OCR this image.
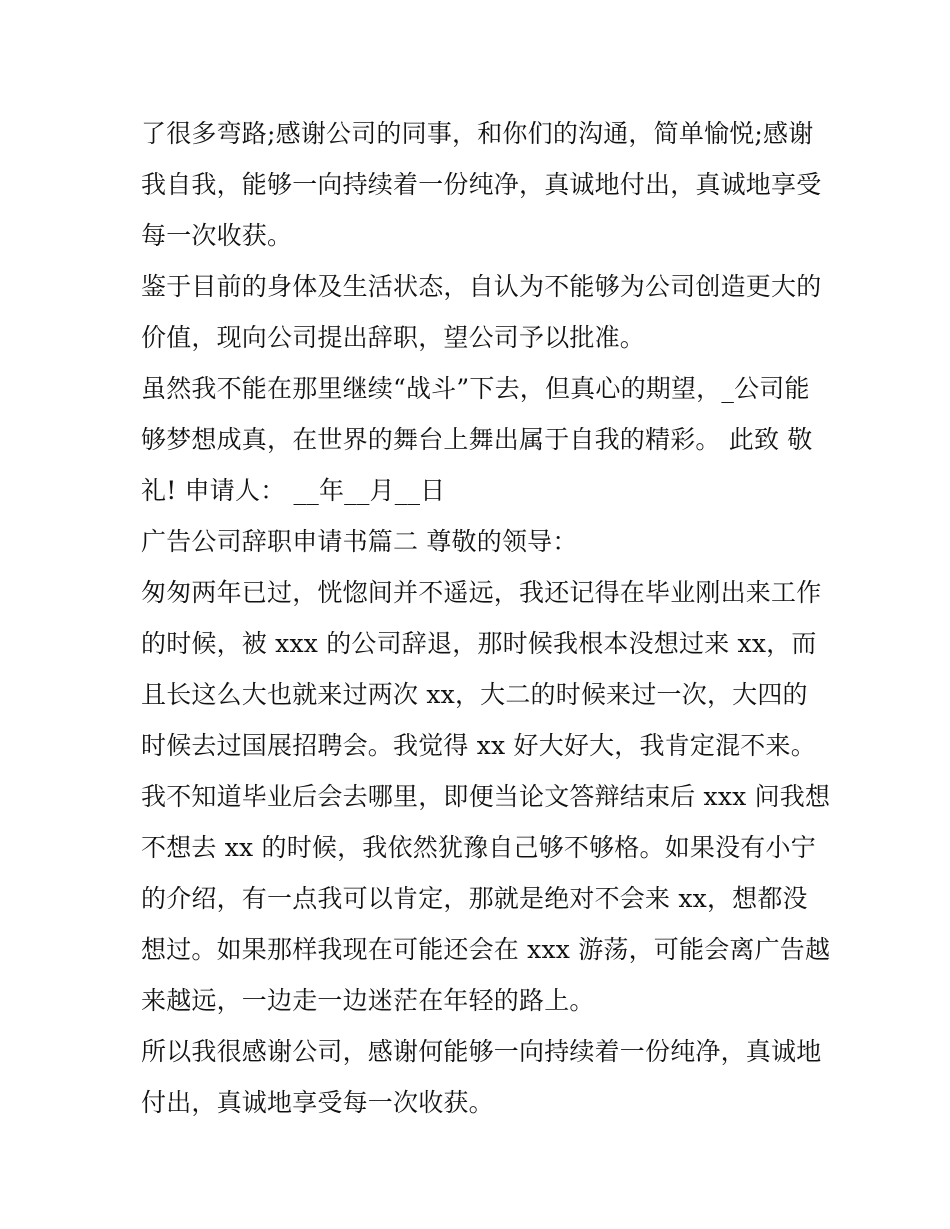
了很多弯路;感谢公司的同事，和你们的沟通，简单愉悦;感谢
我自我，能够一向持续着一份纯净，真诚地付出，真诚地享受
每一次收获。
鉴于目前的身体及生活状态，自认为不能够为公司创造更大的
价值，现向公司提出辞职，望公司予以批准。
虽然我不能在那里继续“战斗”下去，但真心的期望，_公司能
够梦想成真，在世界的舞台上舞出属于自我的精彩。 此致 敬
礼! 申请人： __年__月__日
广告公司辞职申请书篇二 尊敬的领导：
匆匆两年已过，恍惚间并不遥远，我还记得在毕业刚出来工作
的时候，被 xxx 的公司辞退，那时候我根本没想过来 xx，而
且长这么大也就来过两次 xx，大二的时候来过一次，大四的
时候去过国展招聘会。我觉得 xx 好大好大，我肯定混不来。
我不知道毕业后会去哪里，即便当论文答辩结束后 xxx 问我想
不想去 xx 的时候，我依然犹豫自己够不够格。如果没有小宁
的介绍，有一点我可以肯定，那就是绝对不会来 xx，想都没
想过。如果那样我现在可能还会在 xxx 游荡，可能会离广告越
来越远，一边走一边迷茫在年轻的路上。
所以我很感谢公司，感谢何能够一向持续着一份纯净，真诚地
付出，真诚地享受每一次收获。
